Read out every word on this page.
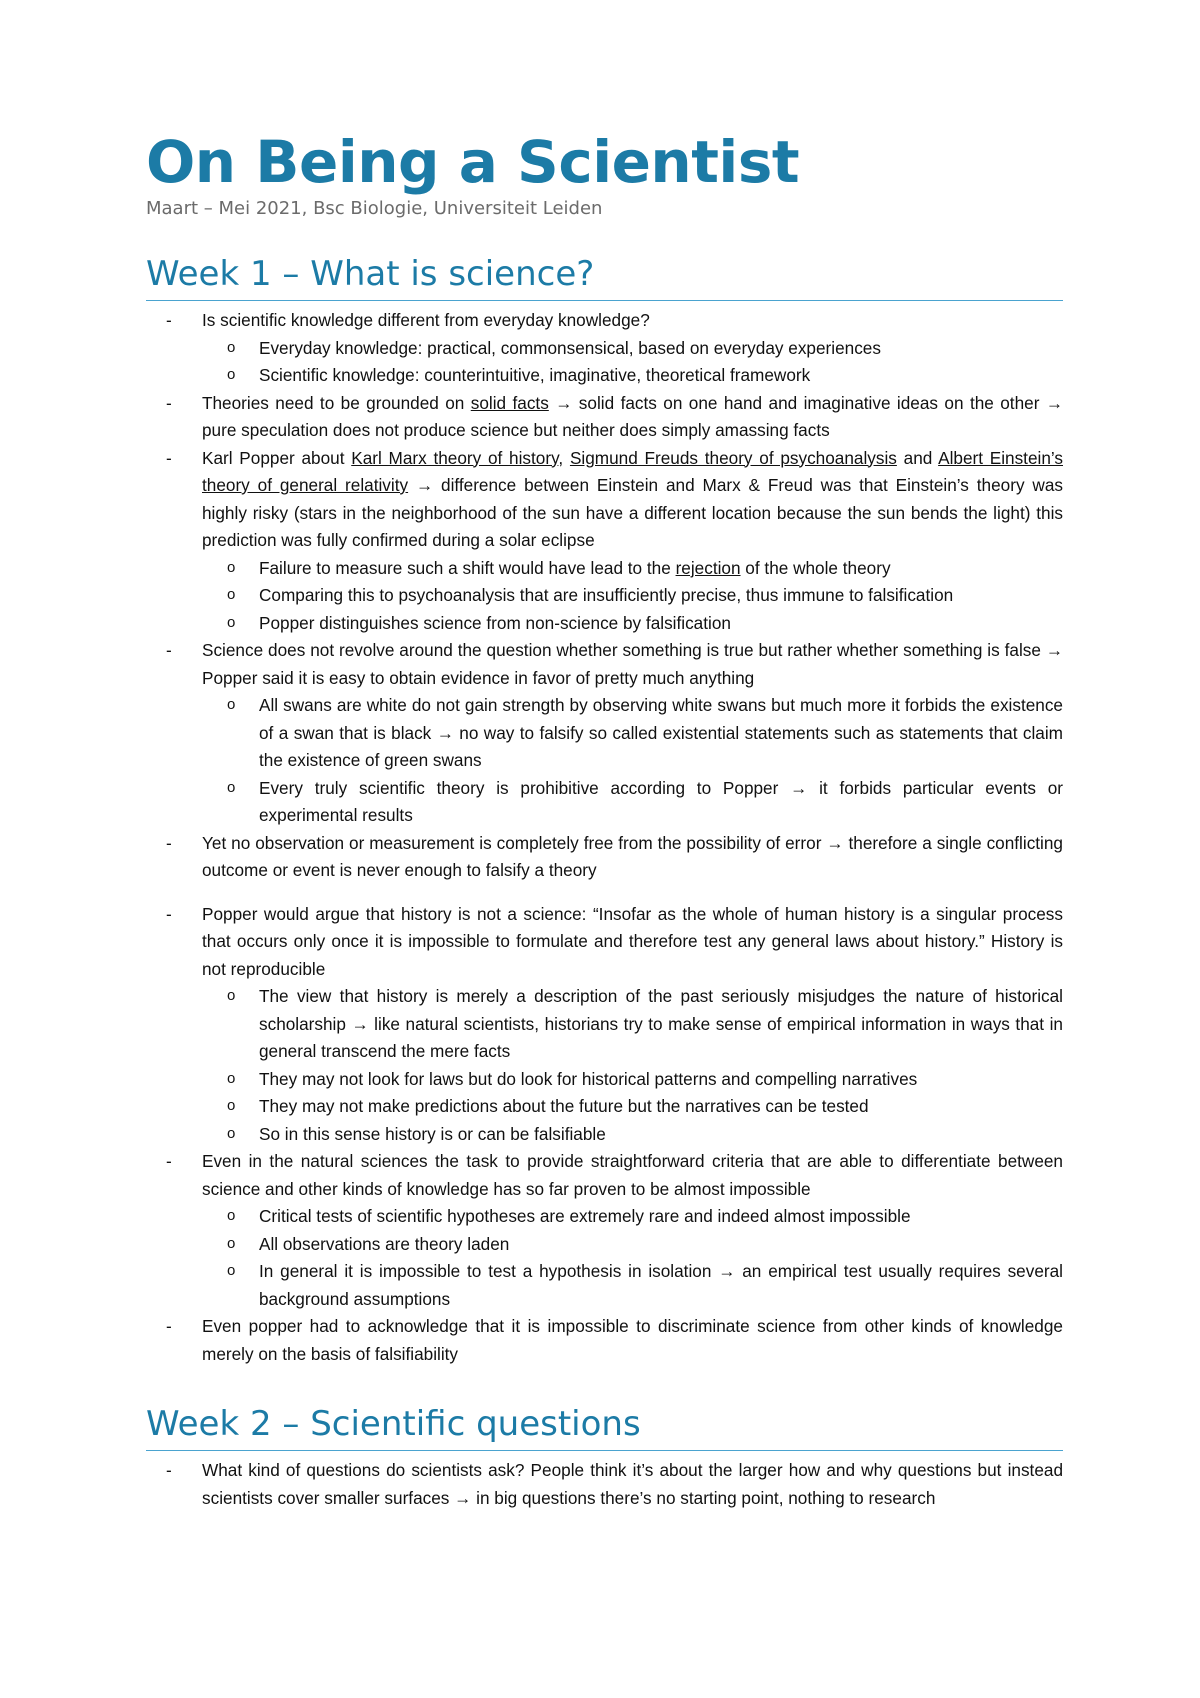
On Being a Scientist
Maart – Mei 2021, Bsc Biologie, Universiteit Leiden
Week 1 – What is science?
- Is scientific knowledge different from everyday knowledge?
o Everyday knowledge: practical, commonsensical, based on everyday experiences
o Scientific knowledge: counterintuitive, imaginative, theoretical framework
- Theories need to be grounded on solid facts → solid facts on one hand and imaginative ideas on the other → pure speculation does not produce science but neither does simply amassing facts
- Karl Popper about Karl Marx theory of history, Sigmund Freuds theory of psychoanalysis and Albert Einstein’s theory of general relativity → difference between Einstein and Marx & Freud was that Einstein’s theory was highly risky (stars in the neighborhood of the sun have a different location because the sun bends the light) this prediction was fully confirmed during a solar eclipse
o Failure to measure such a shift would have lead to the rejection of the whole theory
o Comparing this to psychoanalysis that are insufficiently precise, thus immune to falsification
o Popper distinguishes science from non-science by falsification
- Science does not revolve around the question whether something is true but rather whether something is false → Popper said it is easy to obtain evidence in favor of pretty much anything
o All swans are white do not gain strength by observing white swans but much more it forbids the existence of a swan that is black → no way to falsify so called existential statements such as statements that claim the existence of green swans
o Every truly scientific theory is prohibitive according to Popper → it forbids particular events or experimental results
- Yet no observation or measurement is completely free from the possibility of error → therefore a single conflicting outcome or event is never enough to falsify a theory
- Popper would argue that history is not a science: “Insofar as the whole of human history is a singular process that occurs only once it is impossible to formulate and therefore test any general laws about history.” History is not reproducible
o The view that history is merely a description of the past seriously misjudges the nature of historical scholarship → like natural scientists, historians try to make sense of empirical information in ways that in general transcend the mere facts
o They may not look for laws but do look for historical patterns and compelling narratives
o They may not make predictions about the future but the narratives can be tested
o So in this sense history is or can be falsifiable
- Even in the natural sciences the task to provide straightforward criteria that are able to differentiate between science and other kinds of knowledge has so far proven to be almost impossible
o Critical tests of scientific hypotheses are extremely rare and indeed almost impossible
o All observations are theory laden
o In general it is impossible to test a hypothesis in isolation → an empirical test usually requires several background assumptions
- Even popper had to acknowledge that it is impossible to discriminate science from other kinds of knowledge merely on the basis of falsifiability
Week 2 – Scientific questions
- What kind of questions do scientists ask? People think it’s about the larger how and why questions but instead scientists cover smaller surfaces → in big questions there’s no starting point, nothing to research
